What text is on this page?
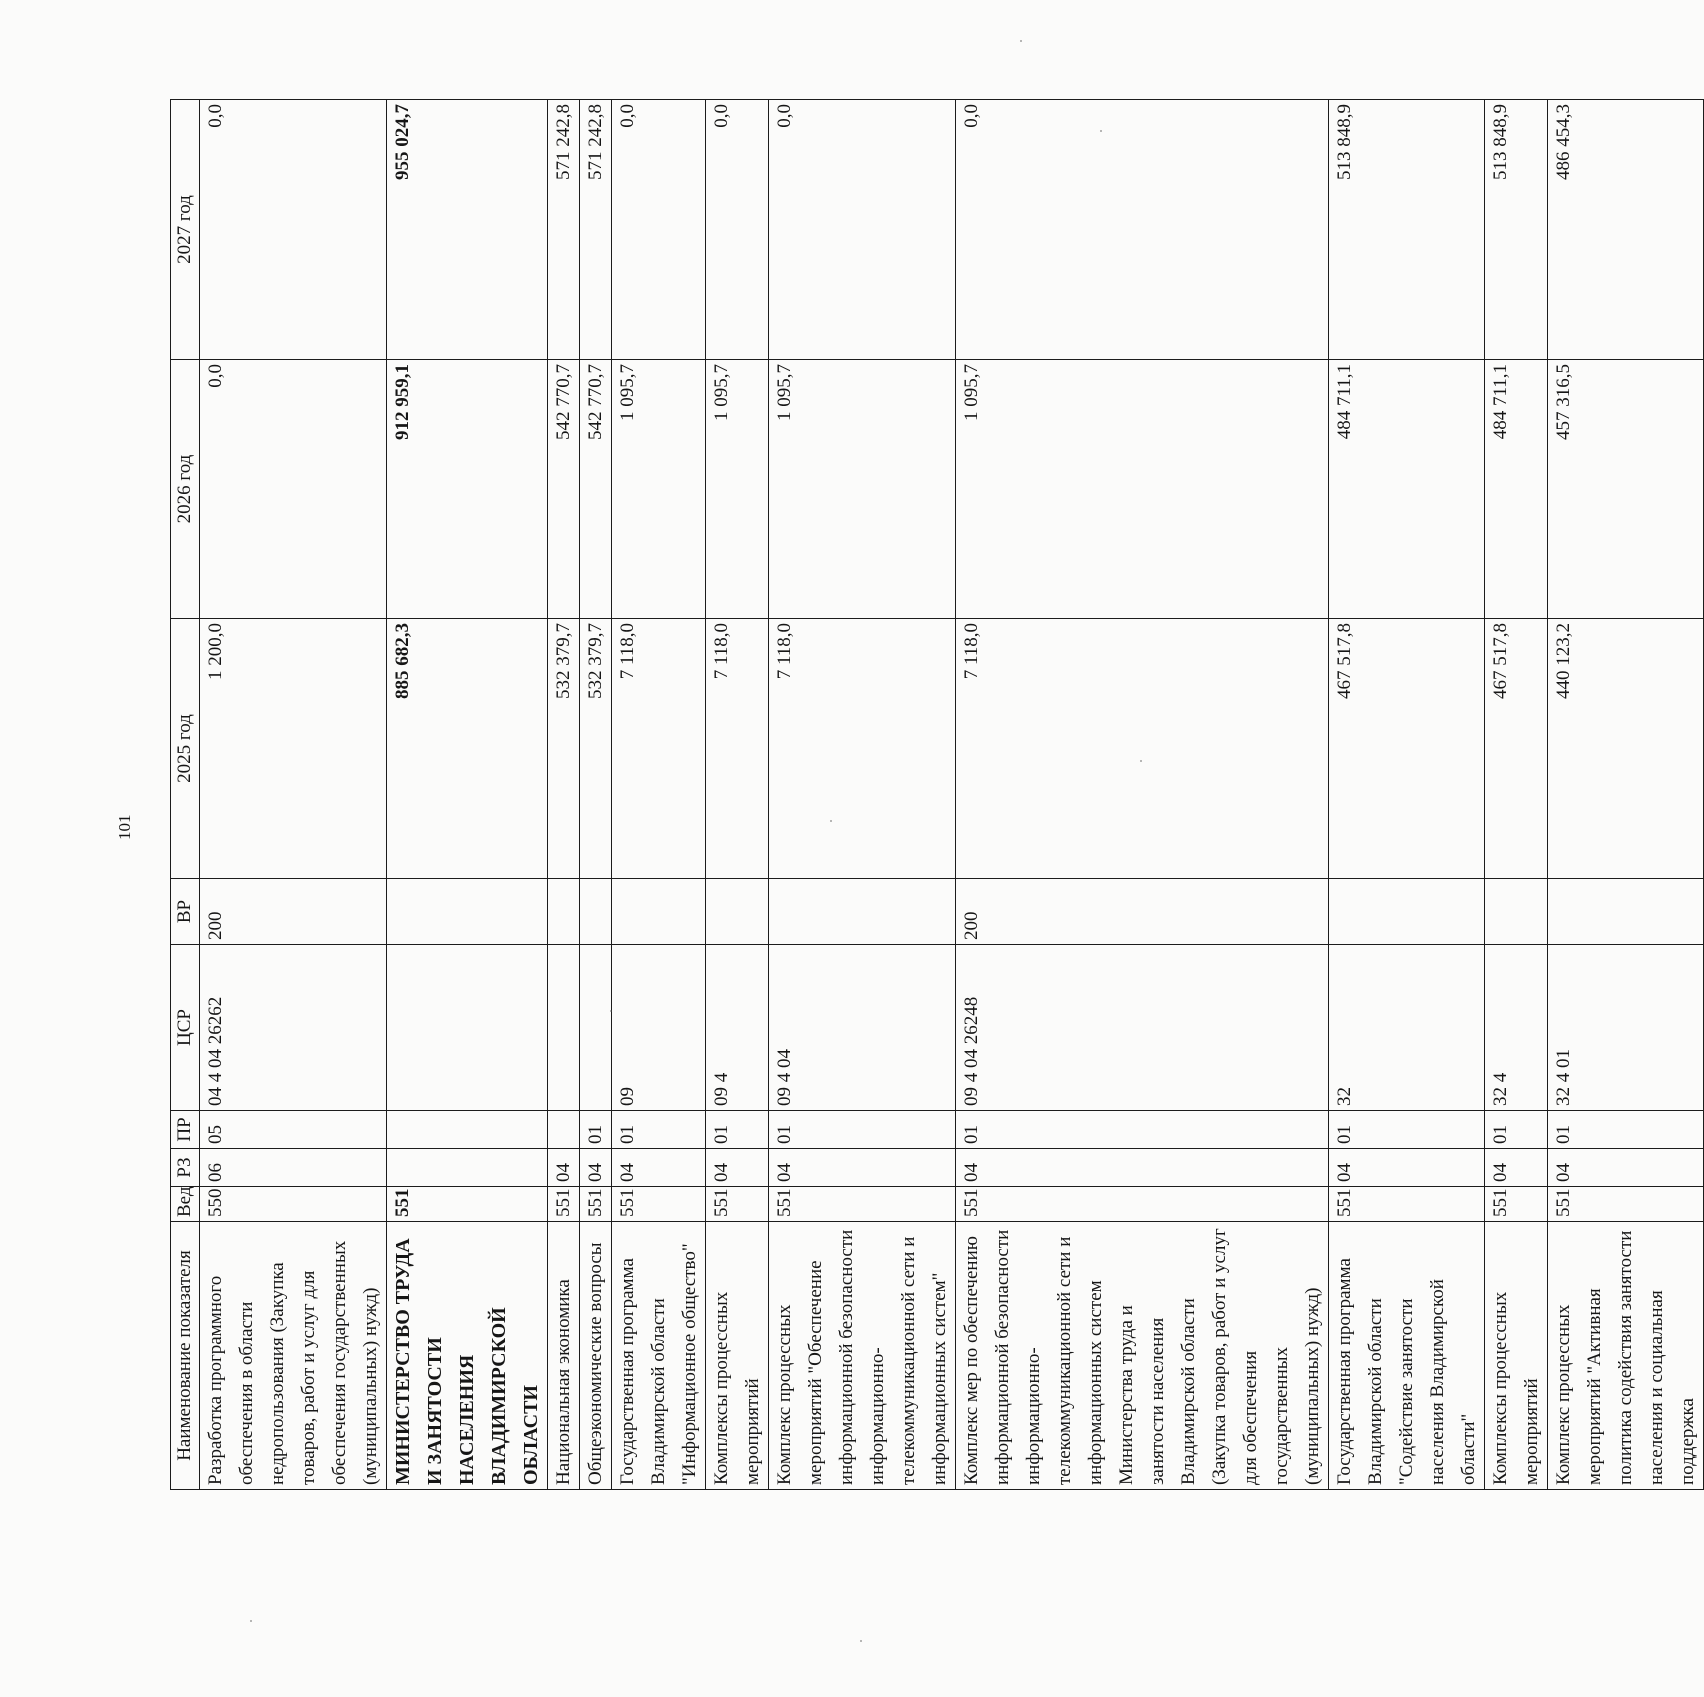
101
Наименование показателя	Вед	РЗ	ПР	ЦСР	ВР	2025 год	2026 год	2027 год
Разработка программного обеспечения в области недропользования (Закупка товаров, работ и услуг для обеспечения государственных (муниципальных) нужд)	550	06	05	04 4 04 26262	200	1 200,0	0,0	0,0
МИНИСТЕРСТВО ТРУДА И ЗАНЯТОСТИ НАСЕЛЕНИЯ ВЛАДИМИРСКОЙ ОБЛАСТИ	551					885 682,3	912 959,1	955 024,7
Национальная экономика	551	04				532 379,7	542 770,7	571 242,8
Общеэкономические вопросы	551	04	01			532 379,7	542 770,7	571 242,8
Государственная программа Владимирской области "Информационное общество"	551	04	01	09		7 118,0	1 095,7	0,0
Комплексы процессных мероприятий	551	04	01	09 4		7 118,0	1 095,7	0,0
Комплекс процессных мероприятий "Обеспечение информационной безопасности информационно-телекоммуникационной сети и информационных систем"	551	04	01	09 4 04		7 118,0	1 095,7	0,0
Комплекс мер по обеспечению информационной безопасности информационно-телекоммуникационной сети и информационных систем Министерства труда и занятости населения Владимирской области (Закупка товаров, работ и услуг для обеспечения государственных (муниципальных) нужд)	551	04	01	09 4 04 26248	200	7 118,0	1 095,7	0,0
Государственная программа Владимирской области "Содействие занятости населения Владимирской области"	551	04	01	32		467 517,8	484 711,1	513 848,9
Комплексы процессных мероприятий	551	04	01	32 4		467 517,8	484 711,1	513 848,9
Комплекс процессных мероприятий "Активная политика содействия занятости населения и социальная поддержка	551	04	01	32 4 01		440 123,2	457 316,5	486 454,3
